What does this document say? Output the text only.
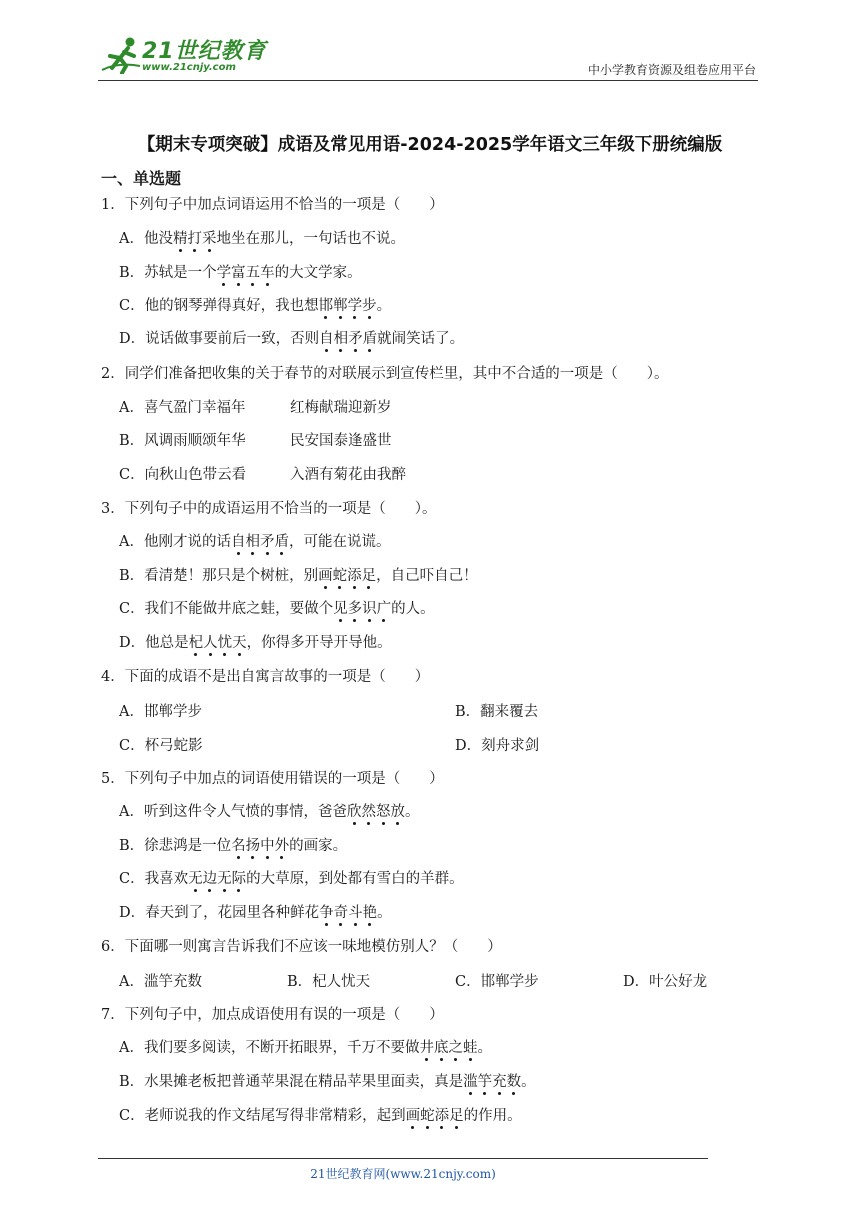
21世纪教育
www.21cnjy.com	中小学教育资源及组卷应用平台
【期末专项突破】成语及常见用语-2024-2025学年语文三年级下册统编版
一、单选题
1．下列句子中加点词语运用不恰当的一项是（　　）
A．他没精打采地坐在那儿，一句话也不说。
B．苏轼是一个学富五车的大文学家。
C．他的钢琴弹得真好，我也想邯郸学步。
D．说话做事要前后一致，否则自相矛盾就闹笑话了。
2．同学们准备把收集的关于春节的对联展示到宣传栏里，其中不合适的一项是（　　）。
A．喜气盈门幸福年	红梅献瑞迎新岁
B．风调雨顺颂年华	民安国泰逢盛世
C．向秋山色带云看	入酒有菊花由我醉
3．下列句子中的成语运用不恰当的一项是（　　）。
A．他刚才说的话自相矛盾，可能在说谎。
B．看清楚！那只是个树桩，别画蛇添足，自己吓自己！
C．我们不能做井底之蛙，要做个见多识广的人。
D．他总是杞人忧天，你得多开导开导他。
4．下面的成语不是出自寓言故事的一项是（　　）
A．邯郸学步	B．翻来覆去
C．杯弓蛇影	D．刻舟求剑
5．下列句子中加点的词语使用错误的一项是（　　）
A．听到这件令人气愤的事情，爸爸欣然怒放。
B．徐悲鸿是一位名扬中外的画家。
C．我喜欢无边无际的大草原，到处都有雪白的羊群。
D．春天到了，花园里各种鲜花争奇斗艳。
6．下面哪一则寓言告诉我们不应该一味地模仿别人？（　　）
A．滥竽充数	B．杞人忧天	C．邯郸学步	D．叶公好龙
7．下列句子中，加点成语使用有误的一项是（　　）
A．我们要多阅读，不断开拓眼界，千万不要做井底之蛙。
B．水果摊老板把普通苹果混在精品苹果里面卖，真是滥竽充数。
C．老师说我的作文结尾写得非常精彩，起到画蛇添足的作用。
21世纪教育网(www.21cnjy.com)
